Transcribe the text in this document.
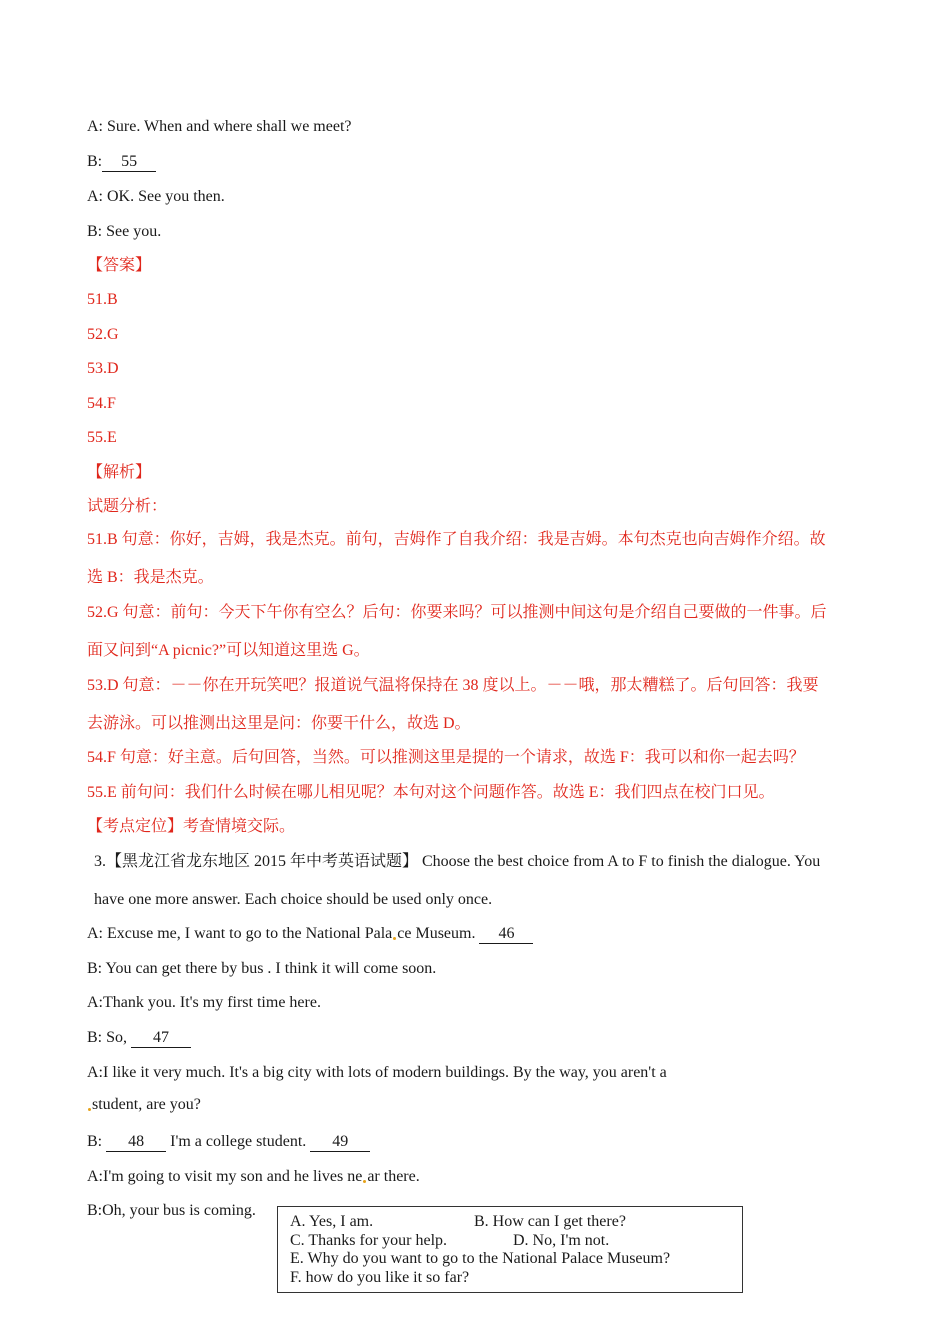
A: Sure. When and where shall we meet?
B: 55
A: OK. See you then.
B: See you.
【答案】
51.B
52.G
53.D
54.F
55.E
【解析】
试题分析：
51.B 句意：你好，吉姆，我是杰克。前句，吉姆作了自我介绍：我是吉姆。本句杰克也向吉姆作介绍。故
选 B：我是杰克。
52.G 句意：前句：今天下午你有空么？后句：你要来吗？可以推测中间这句是介绍自己要做的一件事。后
面又问到“A picnic?”可以知道这里选 G。
53.D 句意：－－你在开玩笑吧？报道说气温将保持在 38 度以上。－－哦，那太糟糕了。后句回答：我要
去游泳。可以推测出这里是问：你要干什么，故选 D。
54.F 句意：好主意。后句回答，当然。可以推测这里是提的一个请求，故选 F：我可以和你一起去吗？
55.E 前句问：我们什么时候在哪儿相见呢？本句对这个问题作答。故选 E：我们四点在校门口见。
【考点定位】考查情境交际。
3.【黑龙江省龙东地区 2015 年中考英语试题】 Choose the best choice from A to F to finish the dialogue. You
have one more answer. Each choice should be used only once.
A: Excuse me, I want to go to the National Pala ce Museum. 46
B: You can get there by bus . I think it will come soon.
A:Thank you. It's my first time here.
B: So, 47
A:I like it very much. It's a big city with lots of modern buildings. By the way, you aren't a
student, are you?
B: 48 I'm a college student. 49
A:I'm going to visit my son and he lives ne ar there.
B:Oh, your bus is coming.
A. Yes, I am.	B. How can I get there?
C. Thanks for your help.	D. No, I'm not.
E. Why do you want to go to the National Palace Museum?
F. how do you like it so far?
